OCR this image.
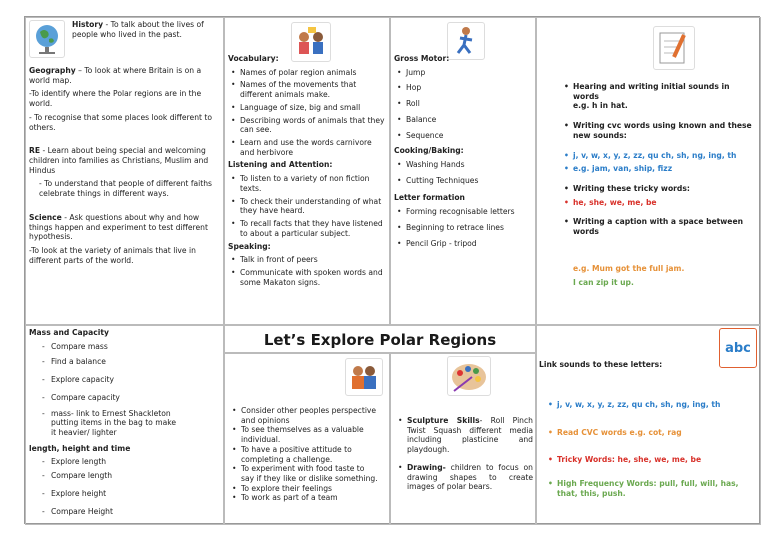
History - To talk about the lives of people who lived in the past.

Geography – To look at where Britain is on a world map.

-To identify where the Polar regions are in the world.

- To recognise that some places look different to others.

RE - Learn about being special and welcoming children into families as Christians, Muslim and Hindus

- To understand that people of different faiths celebrate things in different ways.

Science - Ask questions about why and how things happen and experiment to test different hypothesis.

-To look at the variety of animals that live in different parts of the world.

Vocabulary:

• Names of polar region animals
• Names of the movements that different animals make.
• Language of size, big and small
• Describing words of animals that they can see.
• Learn and use the words carnivore and herbivore

Listening and Attention:

• To listen to a variety of non fiction texts.
• To check their understanding of what they have heard.
• To recall facts that they have listened to about a particular subject.

Speaking:

• Talk in front of peers
• Communicate with spoken words and some Makaton signs.

Gross Motor:

• Jump
• Hop
• Roll
• Balance
• Sequence

Cooking/Baking:

• Washing Hands
• Cutting Techniques

Letter formation

• Forming recognisable letters
• Beginning to retrace lines
• Pencil Grip - tripod
• Hearing and writing initial sounds in words
e.g. h in hat.
• Writing cvc words using known and these new sounds:
• j, v, w, x, y, z, zz, qu ch, sh, ng, ing, th
• e.g. jam, van, ship, fizz
• Writing these tricky words:
• he, she, we, me, be
• Writing a caption with a space between words

e.g. Mum got the full jam.

I can zip it up.

Mass and Capacity

- Compare mass
- Find a balance
- Explore capacity
- Compare capacity
- mass- link to Ernest Shackleton putting items in the bag to make it heavier/ lighter

length, height and time

- Explore length
- Compare length
- Explore height
- Compare Height
Let’s Explore Polar Regions
• Consider other peoples perspective and opinions
• To see themselves as a valuable individual.
• To have a positive attitude to completing a challenge.
• To experiment with food taste to say if they like or dislike something.
• To explore their feelings
• To work as part of a team
• Sculpture Skills- Roll Pinch Twist Squash different media including plasticine and playdough.
• Drawing- children to focus on drawing shapes to create images of polar bears.
abc

Link sounds to these letters:

• j, v, w, x, y, z, zz, qu ch, sh, ng, ing, th
• Read CVC words e.g. cot, rag
• Tricky Words: he, she, we, me, be
• High Frequency Words: pull, full, will, has, that, this, push.
